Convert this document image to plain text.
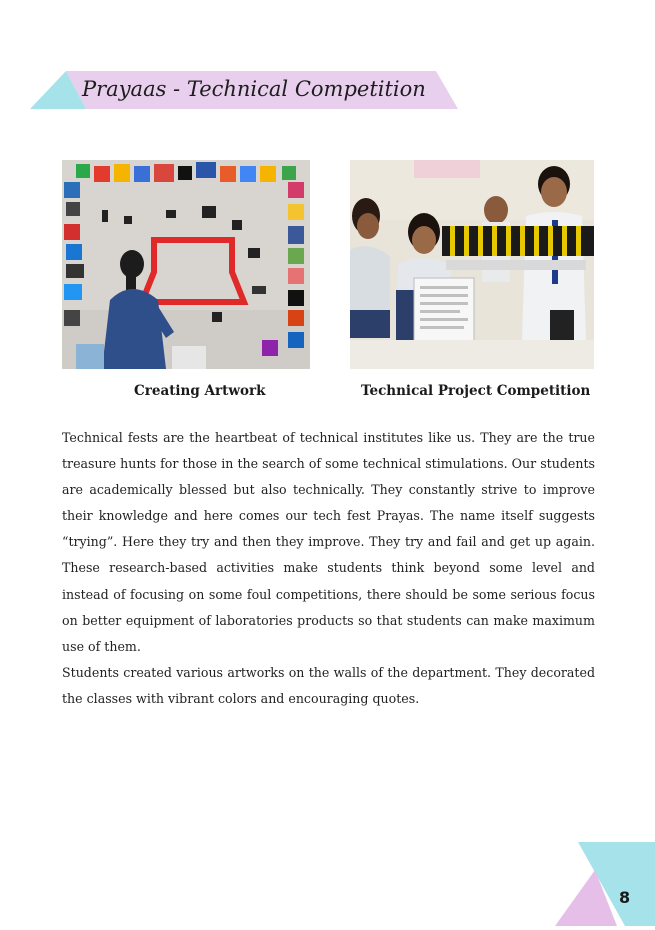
Prayaas - Technical Competition
Creating Artwork	Technical Project Competition

Technical fests are the heartbeat of technical institutes like us. They are the true treasure hunts for those in the search of some technical stimulations. Our students are academically blessed but also technically. They constantly strive to improve their knowledge and here comes our tech fest Prayas. The name itself suggests “trying”. Here they try and then they improve. They try and fail and get up again. These research-based activities make students think beyond some level and instead of focusing on some foul competitions, there should be some serious focus on better equipment of laboratories products so that students can make maximum use of them.

Students created various artworks on the walls of the department. They decorated the classes with vibrant colors and encouraging quotes.

8
